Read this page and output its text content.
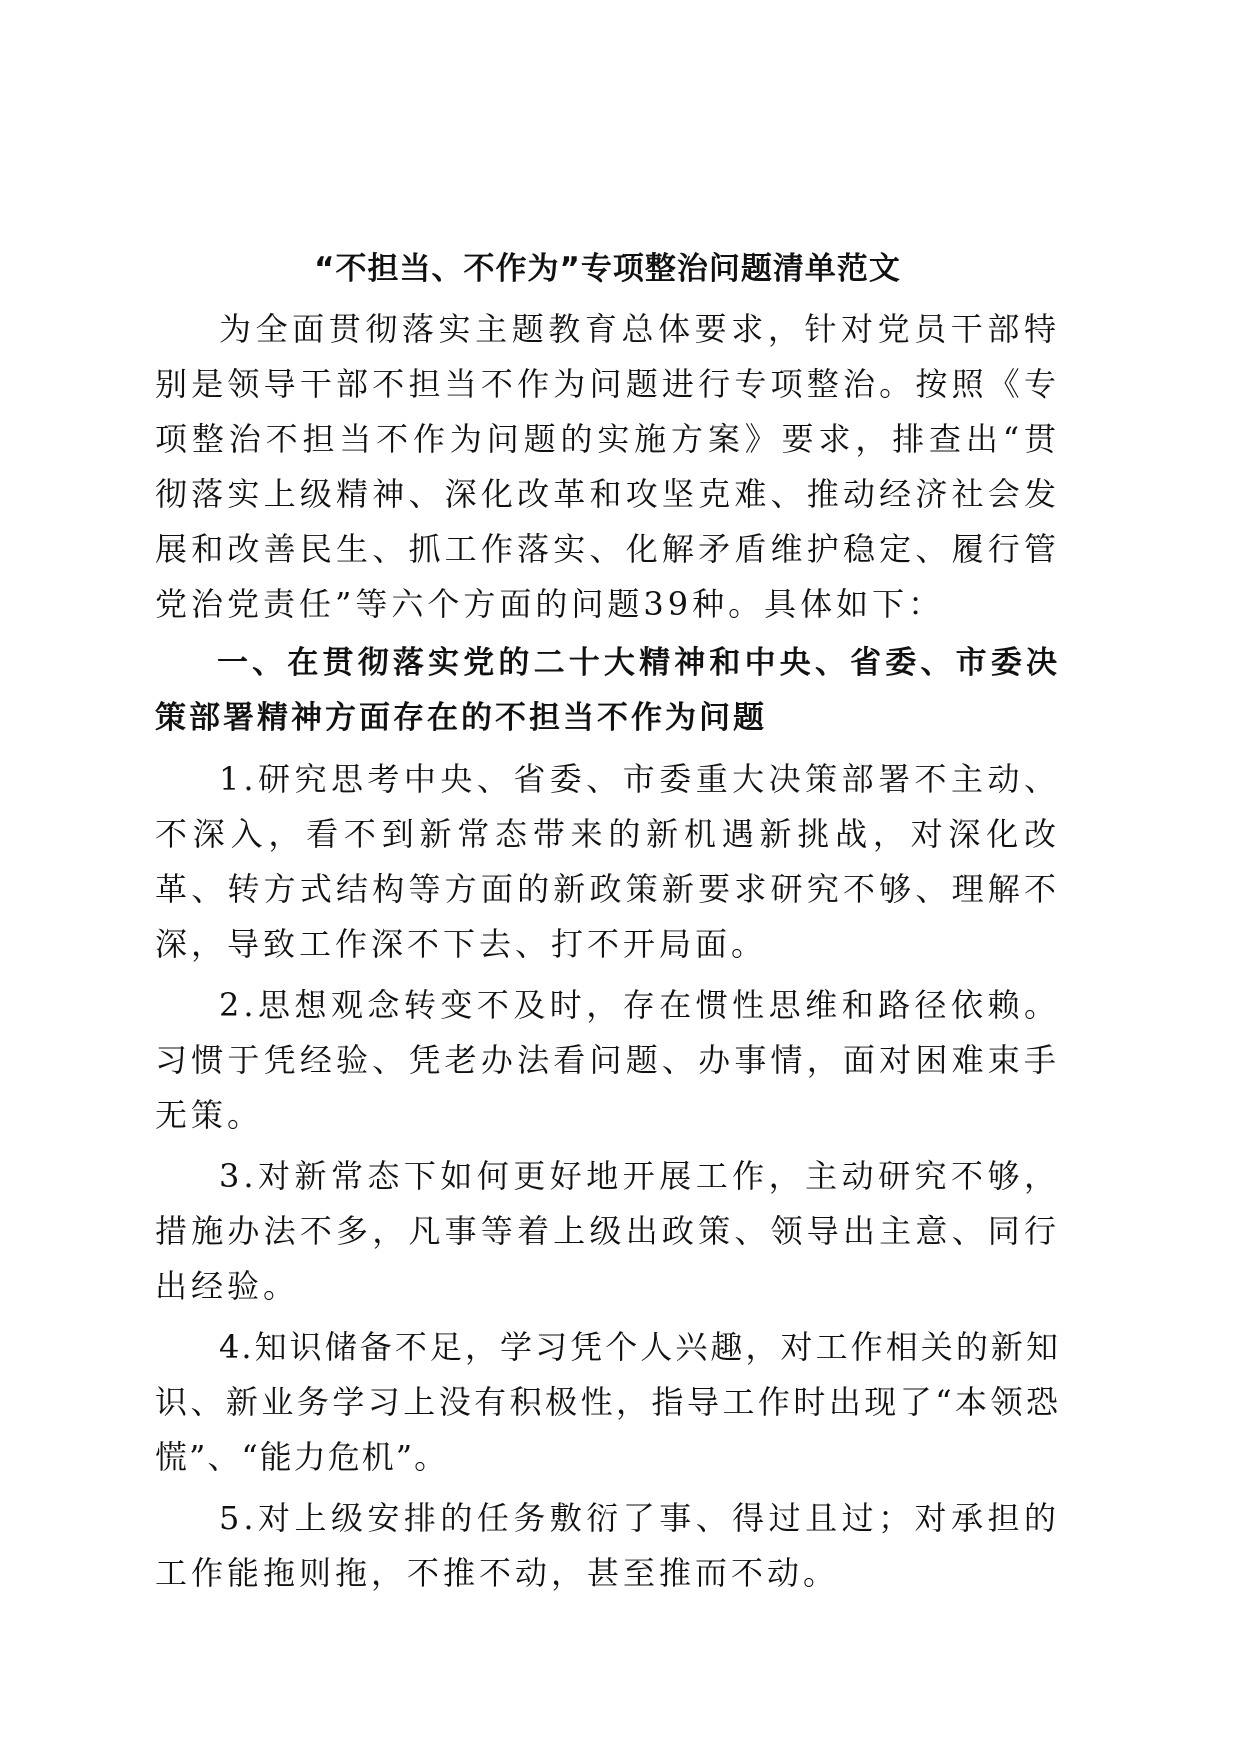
“不担当、不作为”专项整治问题清单范文

为全面贯彻落实主题教育总体要求，针对党员干部特别是领导干部不担当不作为问题进行专项整治。按照《专项整治不担当不作为问题的实施方案》要求，排查出“贯彻落实上级精神、深化改革和攻坚克难、推动经济社会发展和改善民生、抓工作落实、化解矛盾维护稳定、履行管党治党责任”等六个方面的问题39种。具体如下：

一、在贯彻落实党的二十大精神和中央、省委、市委决策部署精神方面存在的不担当不作为问题

1.研究思考中央、省委、市委重大决策部署不主动、不深入，看不到新常态带来的新机遇新挑战，对深化改革、转方式结构等方面的新政策新要求研究不够、理解不深，导致工作深不下去、打不开局面。

2.思想观念转变不及时，存在惯性思维和路径依赖。习惯于凭经验、凭老办法看问题、办事情，面对困难束手无策。

3.对新常态下如何更好地开展工作，主动研究不够，措施办法不多，凡事等着上级出政策、领导出主意、同行出经验。

4.知识储备不足，学习凭个人兴趣，对工作相关的新知识、新业务学习上没有积极性，指导工作时出现了“本领恐慌”、“能力危机”。

5.对上级安排的任务敷衍了事、得过且过；对承担的工作能拖则拖，不推不动，甚至推而不动。
